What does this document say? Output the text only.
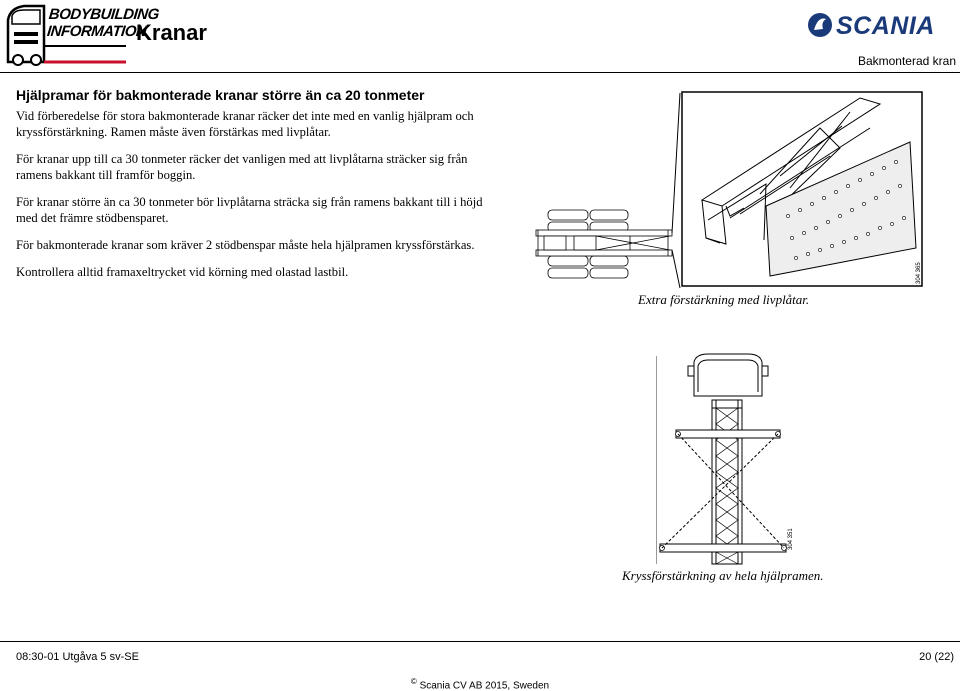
BODYBUILDING
INFORMATION
Kranar	SCANIA
Bakmonterad kran
Hjälpramar för bakmonterade kranar större än ca 20 tonmeter

Vid förberedelse för stora bakmonterade kranar räcker det inte med en vanlig hjälpram och kryssförstärkning. Ramen måste även förstärkas med livplåtar.

För kranar upp till ca 30 tonmeter räcker det vanligen med att livplåtarna sträcker sig från ramens bakkant till framför boggin.

För kranar större än ca 30 tonmeter bör livplåtarna sträcka sig från ramens bakkant till i höjd med det främre stödbensparet.

För bakmonterade kranar som kräver 2 stödbenspar måste hela hjälpramen kryssförstärkas.

Kontrollera alltid framaxeltrycket vid körning med olastad lastbil.	304 365
Extra förstärkning med livplåtar.
304 351
Kryssförstärkning av hela hjälpramen.
08:30-01 Utgåva 5 sv-SE	20 (22)
© Scania CV AB 2015, Sweden
